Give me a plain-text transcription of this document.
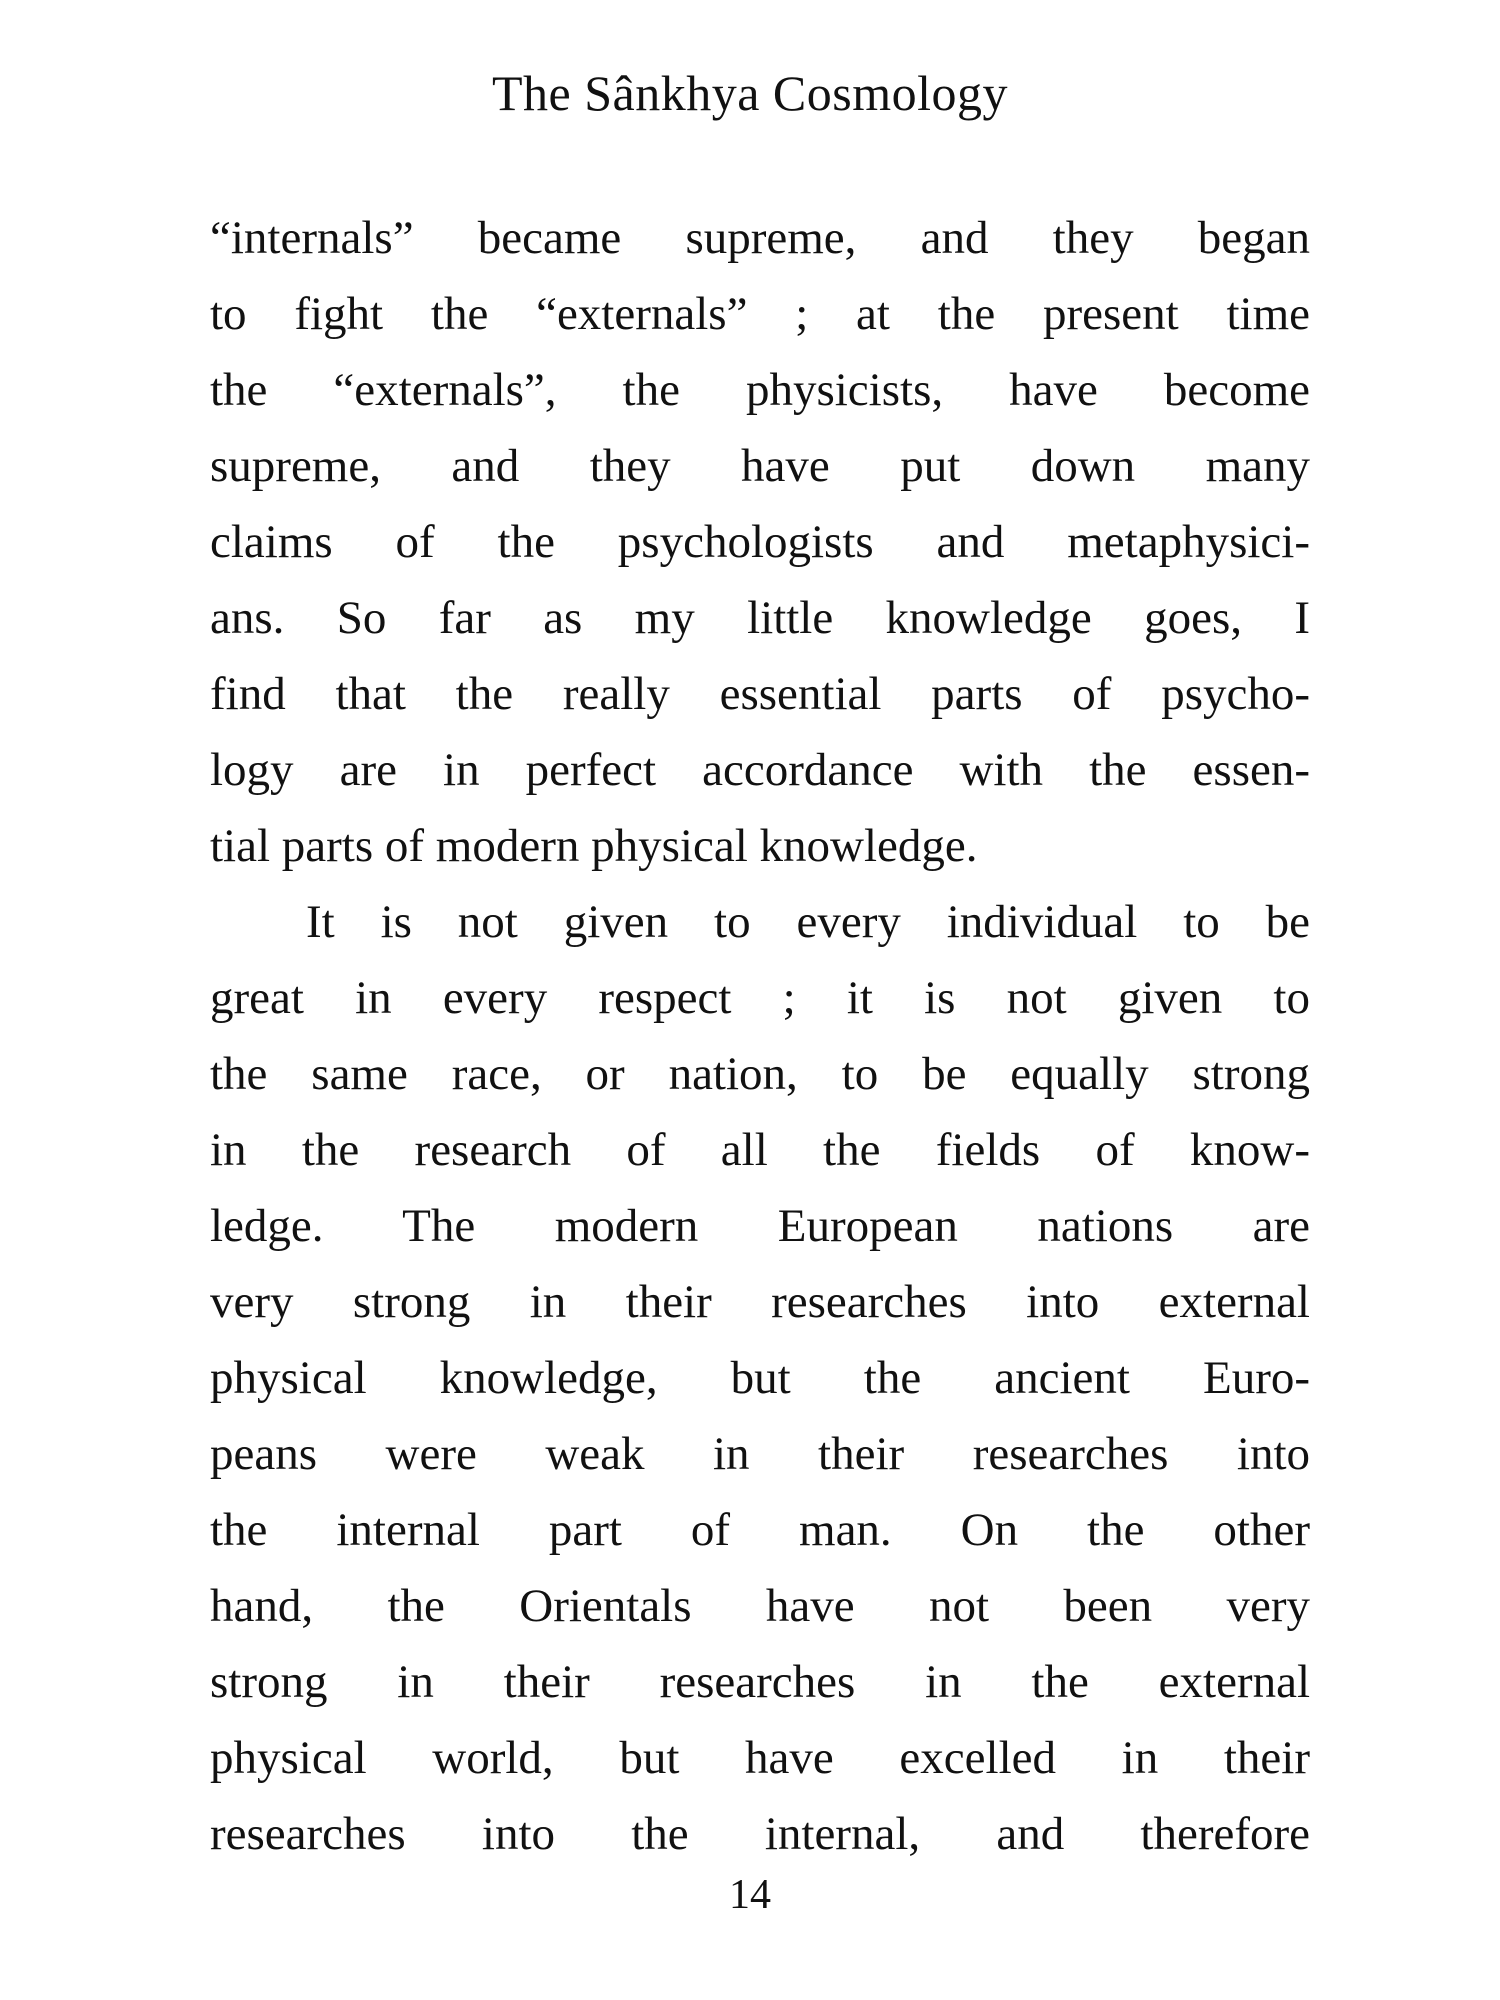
The Sânkhya Cosmology
“internals” became supreme, and they began
to fight the “externals” ; at the present time
the “externals”, the physicists, have become
supreme, and they have put down many
claims of the psychologists and metaphysici-
ans. So far as my little knowledge goes, I
find that the really essential parts of psycho-
logy are in perfect accordance with the essen-
tial parts of modern physical knowledge.
It is not given to every individual to be
great in every respect ; it is not given to
the same race, or nation, to be equally strong
in the research of all the fields of know-
ledge. The modern European nations are
very strong in their researches into external
physical knowledge, but the ancient Euro-
peans were weak in their researches into
the internal part of man. On the other
hand, the Orientals have not been very
strong in their researches in the external
physical world, but have excelled in their
researches into the internal, and therefore
14
